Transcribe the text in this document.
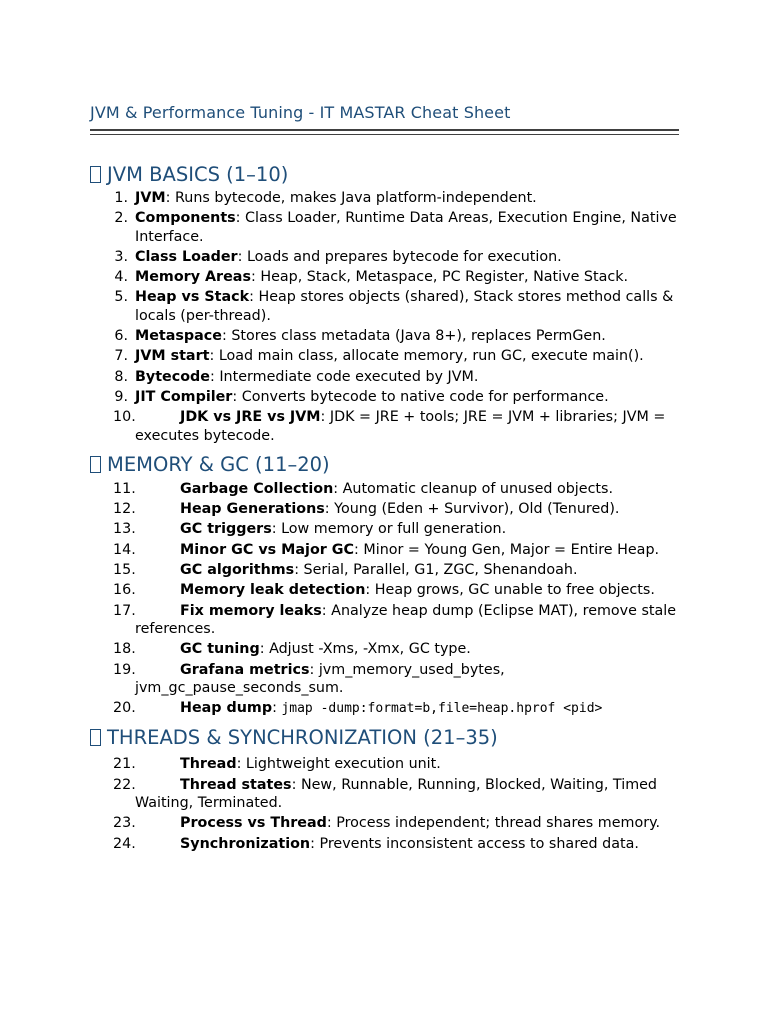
JVM & Performance Tuning - IT MASTAR Cheat Sheet
JVM BASICS (1–10)
1. JVM: Runs bytecode, makes Java platform-independent.
2. Components: Class Loader, Runtime Data Areas, Execution Engine, Native Interface.
3. Class Loader: Loads and prepares bytecode for execution.
4. Memory Areas: Heap, Stack, Metaspace, PC Register, Native Stack.
5. Heap vs Stack: Heap stores objects (shared), Stack stores method calls & locals (per-thread).
6. Metaspace: Stores class metadata (Java 8+), replaces PermGen.
7. JVM start: Load main class, allocate memory, run GC, execute main().
8. Bytecode: Intermediate code executed by JVM.
9. JIT Compiler: Converts bytecode to native code for performance.
10.	JDK vs JRE vs JVM: JDK = JRE + tools; JRE = JVM + libraries; JVM = executes bytecode.
MEMORY & GC (11–20)
11.	Garbage Collection: Automatic cleanup of unused objects.
12.	Heap Generations: Young (Eden + Survivor), Old (Tenured).
13.	GC triggers: Low memory or full generation.
14.	Minor GC vs Major GC: Minor = Young Gen, Major = Entire Heap.
15.	GC algorithms: Serial, Parallel, G1, ZGC, Shenandoah.
16.	Memory leak detection: Heap grows, GC unable to free objects.
17.	Fix memory leaks: Analyze heap dump (Eclipse MAT), remove stale references.
18.	GC tuning: Adjust -Xms, -Xmx, GC type.
19.	Grafana metrics: jvm_memory_used_bytes, jvm_gc_pause_seconds_sum.
20.	Heap dump: jmap -dump:format=b,file=heap.hprof <pid>
THREADS & SYNCHRONIZATION (21–35)
21.	Thread: Lightweight execution unit.
22.	Thread states: New, Runnable, Running, Blocked, Waiting, Timed Waiting, Terminated.
23.	Process vs Thread: Process independent; thread shares memory.
24.	Synchronization: Prevents inconsistent access to shared data.
